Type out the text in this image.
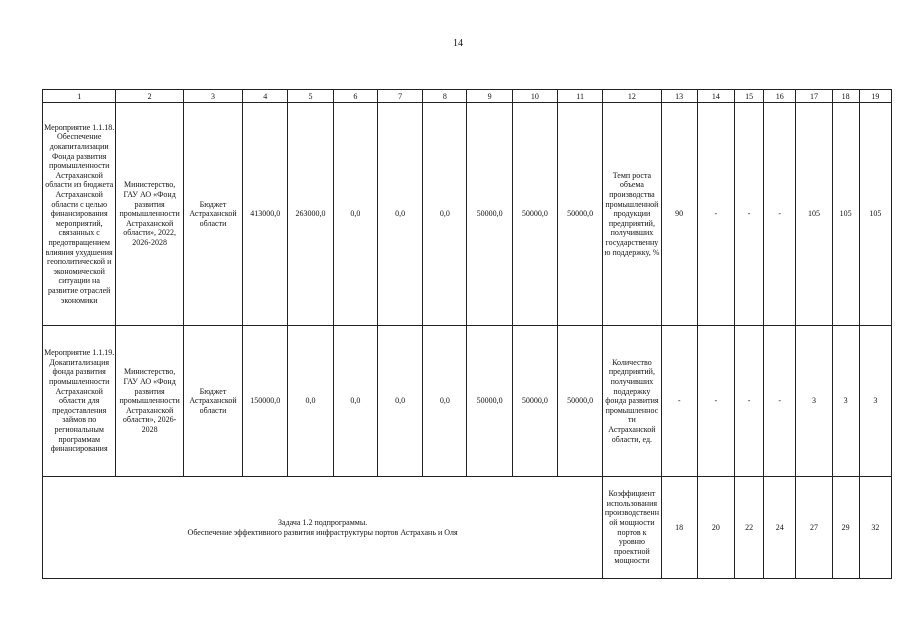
14
1	2	3	4	5	6	7	8	9	10	11	12	13	14	15	16	17	18	19
Мероприятие 1.1.18. Обеспечение докапитализации Фонда развития промышленности Астраханской области из бюджета Астраханской области с целью финансирования мероприятий, связанных с предотвращением влияния ухудшения геополитической и экономической ситуации на развитие отраслей экономики	Министерство, ГАУ АО «Фонд развития промышленности Астраханской области», 2022, 2026-2028	Бюджет Астраханской области	413000,0	263000,0	0,0	0,0	0,0	50000,0	50000,0	50000,0	Темп роста объема производства промышленной продукции предприятий, получивших государственную поддержку, %	90	-	-	-	105	105	105
Мероприятие 1.1.19. Докапитализация фонда развития промышленности Астраханской области для предоставления займов по региональным программам финансирования	Министерство, ГАУ АО «Фонд развития промышленности Астраханской области», 2026-2028	Бюджет Астраханской области	150000,0	0,0	0,0	0,0	0,0	50000,0	50000,0	50000,0	Количество предприятий, получивших поддержку фонда развития промышленности Астраханской области, ед.	-	-	-	-	3	3	3

Задача 1.2 подпрограммы.
Обеспечение эффективного развития инфраструктуры портов Астрахань и Оля											Коэффициент использования производственной мощности портов к уровню проектной мощности	18	20	22	24	27	29	32
